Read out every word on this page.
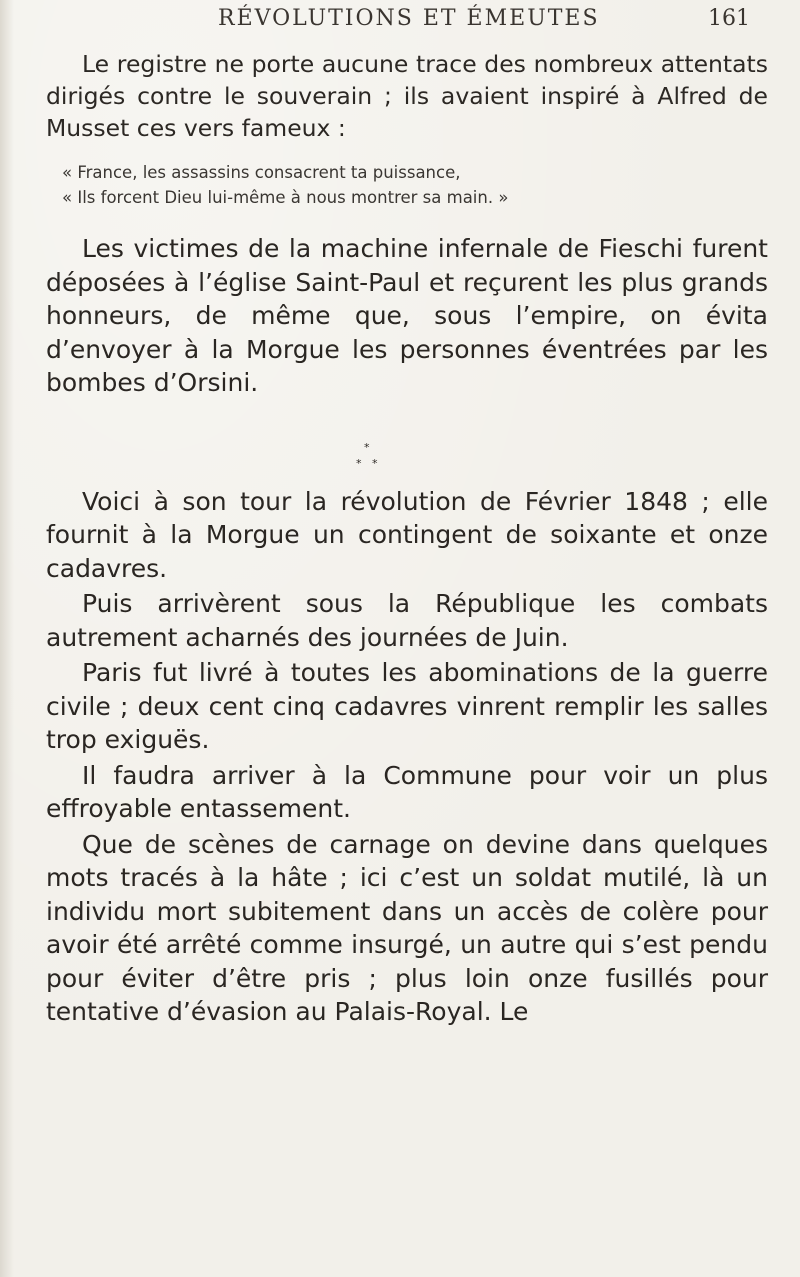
RÉVOLUTIONS ET ÉMEUTES	161

Le registre ne porte aucune trace des nombreux attentats dirigés contre le souverain ; ils avaient inspiré à Alfred de Musset ces vers fameux :

« France, les assassins consacrent ta puissance,
« Ils forcent Dieu lui-même à nous montrer sa main. »

Les victimes de la machine infernale de Fieschi furent déposées à l’église Saint-Paul et reçurent les plus grands honneurs, de même que, sous l’empire, on évita d’envoyer à la Morgue les personnes éventrées par les bombes d’Orsini.

*
* *

Voici à son tour la révolution de Février 1848 ; elle fournit à la Morgue un contingent de soixante et onze cadavres.

Puis arrivèrent sous la République les combats autrement acharnés des journées de Juin.

Paris fut livré à toutes les abominations de la guerre civile ; deux cent cinq cadavres vinrent remplir les salles trop exiguës.

Il faudra arriver à la Commune pour voir un plus effroyable entassement.

Que de scènes de carnage on devine dans quelques mots tracés à la hâte ; ici c’est un soldat mutilé, là un individu mort subitement dans un accès de colère pour avoir été arrêté comme insurgé, un autre qui s’est pendu pour éviter d’être pris ; plus loin onze fusillés pour tentative d’évasion au Palais-Royal. Le
